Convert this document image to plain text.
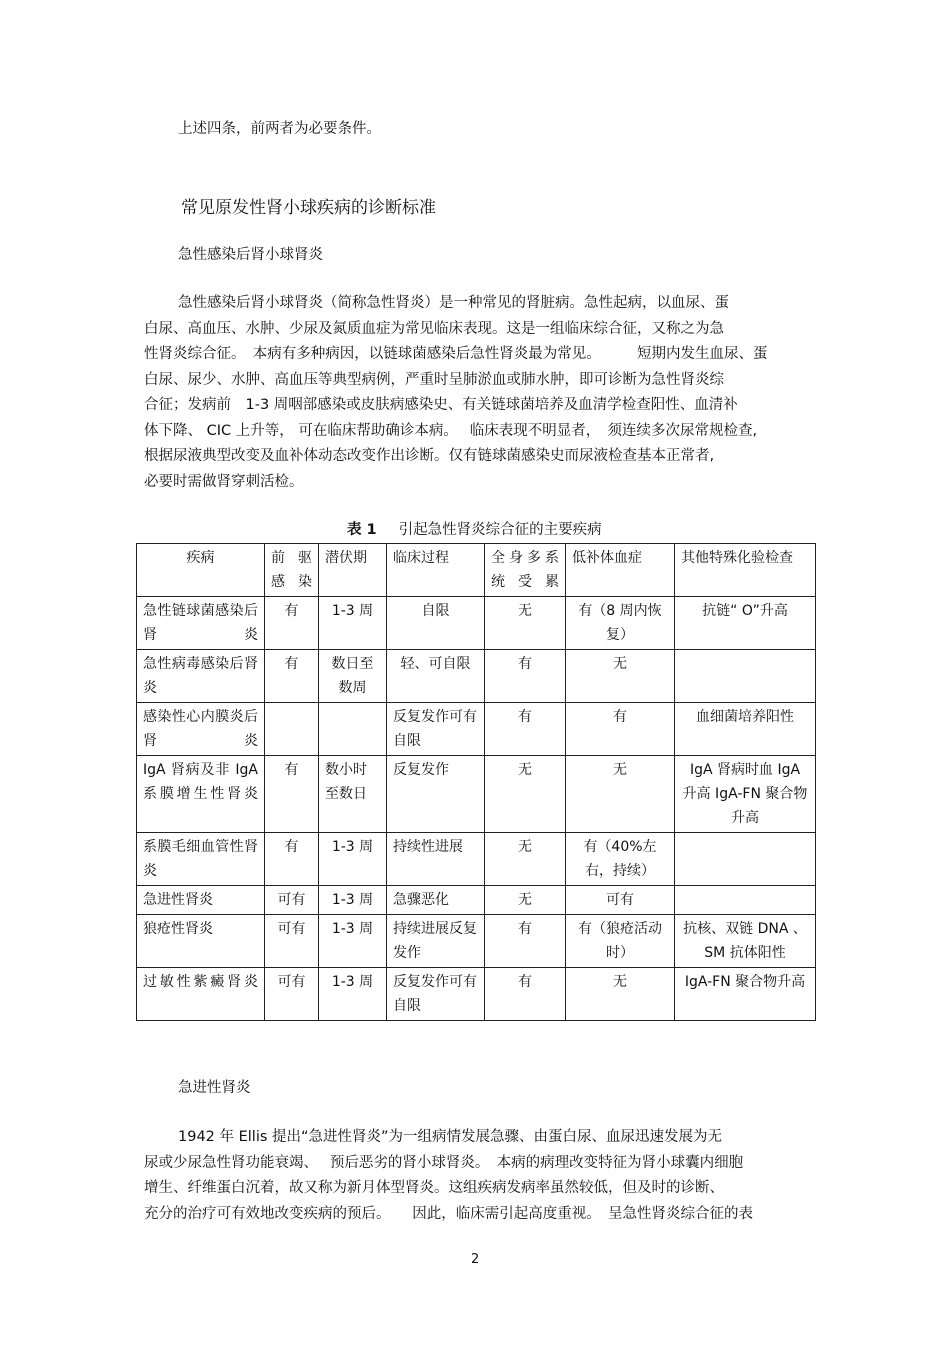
上述四条，前两者为必要条件。
常见原发性肾小球疾病的诊断标准
急性感染后肾小球肾炎
急性感染后肾小球肾炎（简称急性肾炎）是一种常见的肾脏病。急性起病，以血尿、蛋
白尿、高血压、水肿、少尿及氮质血症为常见临床表现。这是一组临床综合征，又称之为急
性肾炎综合征。　本病有多种病因，以链球菌感染后急性肾炎最为常见。　　　短期内发生血尿、蛋
白尿、尿少、水肿、高血压等典型病例，严重时呈肺淤血或肺水肿，即可诊断为急性肾炎综
合征；发病前　1-3 周咽部感染或皮肤病感染史、有关链球菌培养及血清学检查阳性、血清补
体下降、 CIC 上升等， 可在临床帮助确诊本病。　 临床表现不明显者，　须连续多次尿常规检查,
根据尿液典型改变及血补体动态改变作出诊断。仅有链球菌感染史而尿液检查基本正常者,
必要时需做肾穿刺活检。
表 1 引起急性肾炎综合征的主要疾病
疾病	前驱感染	潜伏期	临床过程	全身多系统受累	低补体血症	其他特殊化验检查
急性链球菌感染后肾炎	有	1-3 周	自限	无	有（8 周内恢复）	抗链“ O”升高
急性病毒感染后肾炎	有	数日至数周	轻、可自限	有	无	
感染性心内膜炎后肾炎			反复发作可有自限	有	有	血细菌培养阳性
IgA 肾病及非 IgA 系膜增生性肾炎	有	数小时至数日	反复发作	无	无	IgA 肾病时血 IgA 升高 IgA-FN 聚合物升高
系膜毛细血管性肾炎	有	1-3 周	持续性进展	无	有（40%左右，持续）	
急进性肾炎	可有	1-3 周	急骤恶化	无	可有	
狼疮性肾炎	可有	1-3 周	持续进展反复发作	有	有（狼疮活动时）	抗核、双链 DNA 、SM 抗体阳性
过敏性紫癜肾炎	可有	1-3 周	反复发作可有自限	有	无	IgA-FN 聚合物升高
急进性肾炎
1942 年 Ellis 提出“急进性肾炎”为一组病情发展急骤、由蛋白尿、血尿迅速发展为无
尿或少尿急性肾功能衰竭、　 预后恶劣的肾小球肾炎。　本病的病理改变特征为肾小球囊内细胞
增生、纤维蛋白沉着，故又称为新月体型肾炎。这组疾病发病率虽然较低，但及时的诊断、
充分的治疗可有效地改变疾病的预后。　　因此，临床需引起高度重视。　呈急性肾炎综合征的表
2
